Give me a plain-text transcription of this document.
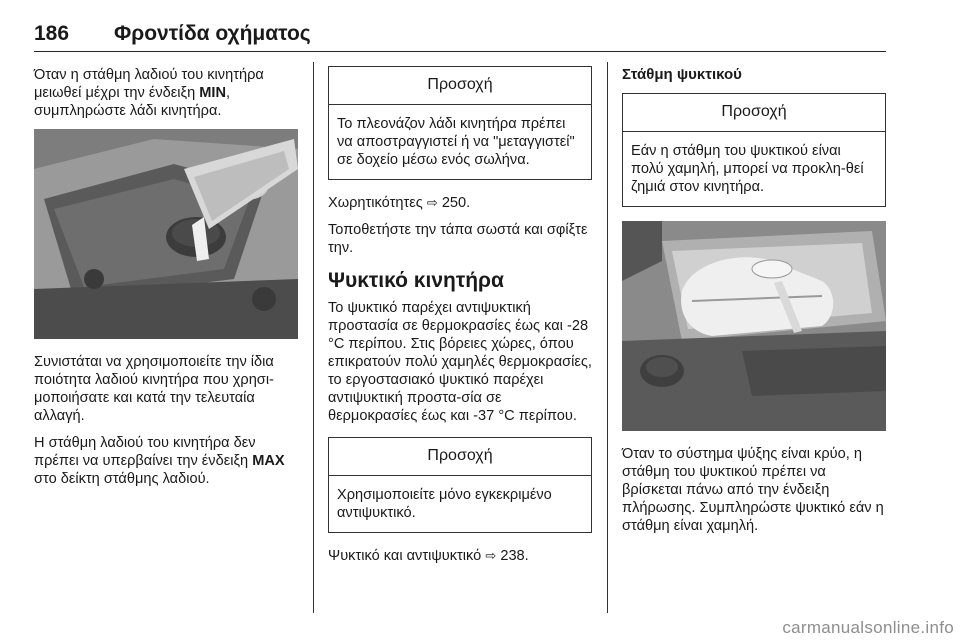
186 Φροντίδα οχήματος

Όταν η στάθμη λαδιού του κινητήρα μειωθεί μέχρι την ένδειξη MIN, συμπληρώστε λάδι κινητήρα.

Συνιστάται να χρησιμοποιείτε την ίδια ποιότητα λαδιού κινητήρα που χρησι-μοποιήσατε και κατά την τελευταία αλλαγή.

Η στάθμη λαδιού του κινητήρα δεν πρέπει να υπερβαίνει την ένδειξη MAX στο δείκτη στάθμης λαδιού.

Προσοχή
Το πλεονάζον λάδι κινητήρα πρέπει να αποστραγγιστεί ή να "μεταγγιστεί" σε δοχείο μέσω ενός σωλήνα.

Χωρητικότητες ⇨ 250.

Τοποθετήστε την τάπα σωστά και σφίξτε την.

Ψυκτικό κινητήρα

Το ψυκτικό παρέχει αντιψυκτική προστασία σε θερμοκρασίες έως και -28 °C περίπου. Στις βόρειες χώρες, όπου επικρατούν πολύ χαμηλές θερμοκρασίες, το εργοστασιακό ψυκτικό παρέχει αντιψυκτική προστα-σία σε θερμοκρασίες έως και -37 °C περίπου.

Προσοχή
Χρησιμοποιείτε μόνο εγκεκριμένο αντιψυκτικό.

Ψυκτικό και αντιψυκτικό ⇨ 238.

Στάθμη ψυκτικού
Προσοχή
Εάν η στάθμη του ψυκτικού είναι πολύ χαμηλή, μπορεί να προκλη-θεί ζημιά στον κινητήρα.

Όταν το σύστημα ψύξης είναι κρύο, η στάθμη του ψυκτικού πρέπει να βρίσκεται πάνω από την ένδειξη πλήρωσης. Συμπληρώστε ψυκτικό εάν η στάθμη είναι χαμηλή.

carmanualsonline.info
